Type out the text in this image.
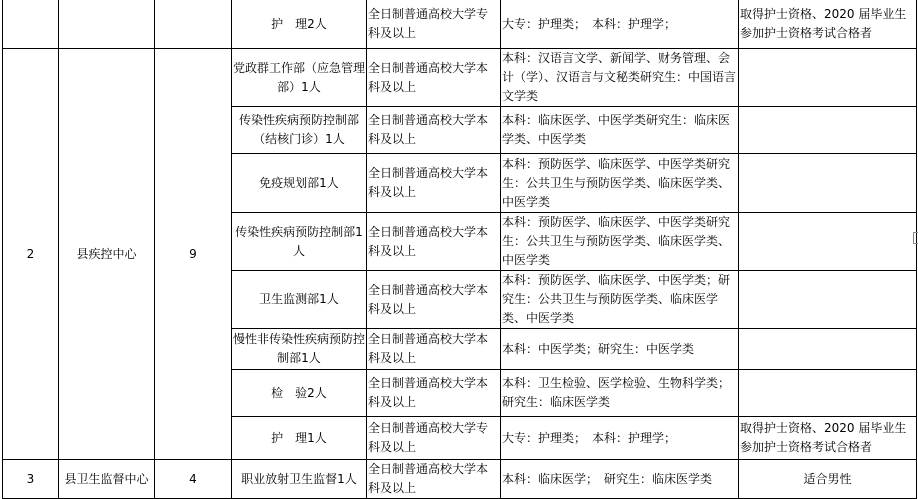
			护　理2人	全日制普通高校大学专科及以上	大专：护理类；　本科：护理学；	取得护士资格、2020 届毕业生参加护士资格考试合格者
2	县疾控中心	9	党政群工作部（应急管理部）1人	全日制普通高校大学本科及以上	本科：汉语言文学、新闻学、财务管理、会计（学）、汉语言与文秘类研究生：中国语言文学类	
			传染性疾病预防控制部（结核门诊）1人	全日制普通高校大学本科及以上	本科：临床医学、中医学类研究生：临床医学类、中医学类	
			免疫规划部1人	全日制普通高校大学本科及以上	本科：预防医学、临床医学、中医学类研究生：公共卫生与预防医学类、临床医学类、中医学类	
			传染性疾病预防控制部1人	全日制普通高校大学本科及以上	本科：预防医学、临床医学、中医学类研究生：公共卫生与预防医学类、临床医学类、中医学类	
			卫生监测部1人	全日制普通高校大学本科及以上	本科：预防医学、临床医学、中医学类；研究生：公共卫生与预防医学类、临床医学类、中医学类	
			慢性非传染性疾病预防控制部1人	全日制普通高校大学本科及以上	本科：中医学类；研究生：中医学类	
			检　验2人	全日制普通高校大学本科及以上	本科：卫生检验、医学检验、生物科学类；研究生：临床医学类	
			护　理1人	全日制普通高校大学专科及以上	大专：护理类；　本科：护理学；	取得护士资格、2020 届毕业生参加护士资格考试合格者
3	县卫生监督中心	4	职业放射卫生监督1人	全日制普通高校大学本科及以上	本科：临床医学；　研究生：临床医学类	适合男性
